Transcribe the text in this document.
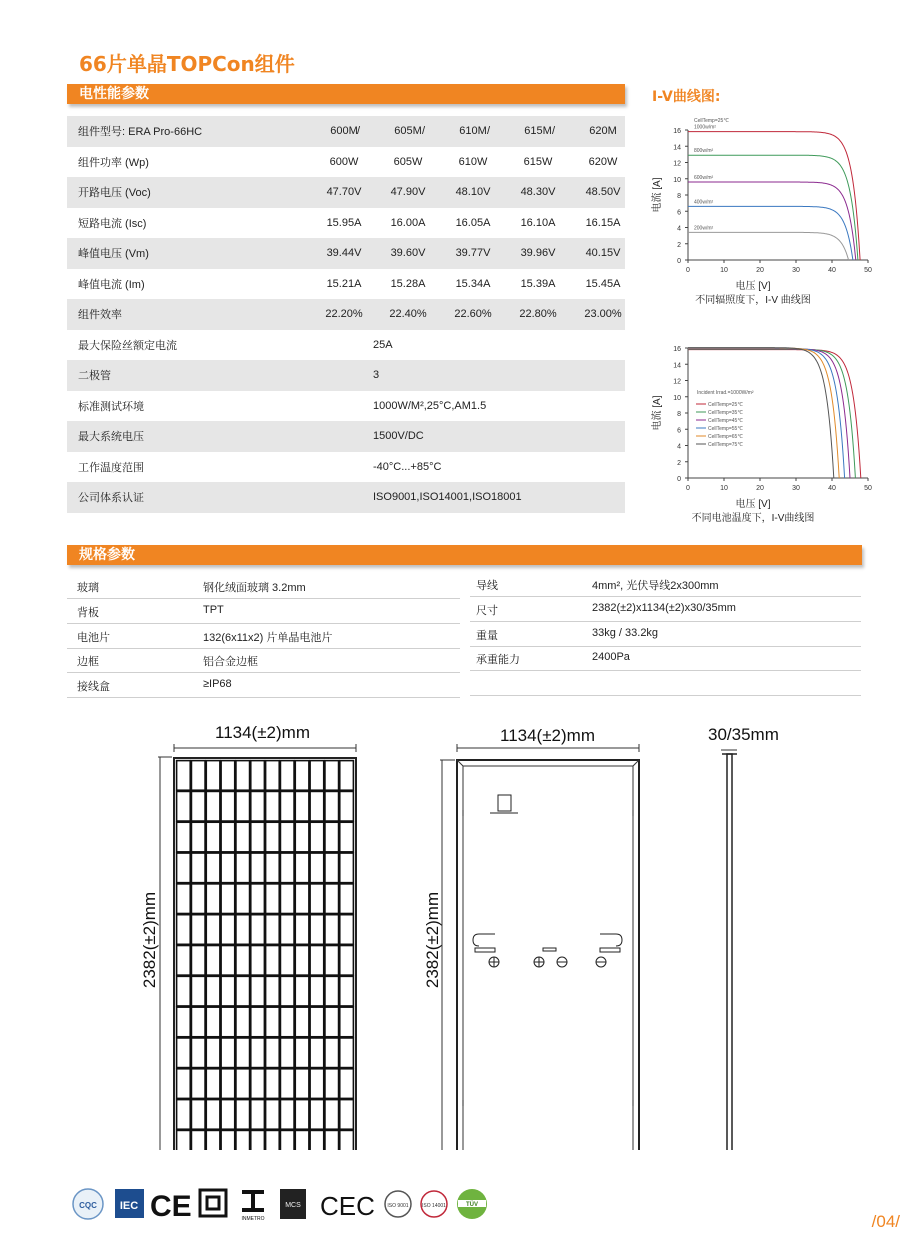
66片单晶TOPCon组件
电性能参数
组件型号: ERA Pro-66HC	600M	605M	610M	615M	620M
/	/	/	/
组件功率 (Wp)	600W	605W	610W	615W	620W
开路电压 (Voc)	47.70V	47.90V	48.10V	48.30V	48.50V
短路电流 (Isc)	15.95A	16.00A	16.05A	16.10A	16.15A
峰值电压 (Vm)	39.44V	39.60V	39.77V	39.96V	40.15V
峰值电流 (Im)	15.21A	15.28A	15.34A	15.39A	15.45A
组件效率	22.20%	22.40%	22.60%	22.80%	23.00%
最大保险丝额定电流	25A
二极管	3
标准测试环境	1000W/M²,25°C,AM1.5
最大系统电压	1500V/DC
工作温度范围	-40°C...+85°C
公司体系认证	ISO9001,ISO14001,ISO18001
I-V曲线图:
0
2
4
6
8
10
12
14
16
0	10	20	30	40	50
电流 [A]
电压 [V]
不同辐照度下，I-V 曲线图
CellTemp=25℃
1000w/m²
800w/m²
600w/m²
400w/m²
200w/m²
0
2
4
6
8
10
12
14
16
0	10	20	30	40	50
电流 [A]
电压 [V]
不同电池温度下，I-V曲线图
Incident Irrad.=1000W/m²
CellTemp=25℃
CellTemp=35℃
CellTemp=45℃
CellTemp=55℃
CellTemp=65℃
CellTemp=75℃
规格参数
玻璃	钢化绒面玻璃 3.2mm
背板	TPT
电池片	132(6x11x2) 片单晶电池片
边框	铝合金边框
接线盒	≥IP68
导线	4mm², 光伏导线2x300mm
尺寸	2382(±2)x1134(±2)x30/35mm
重量	33kg / 33.2kg
承重能力	2400Pa
1134(±2)mm	1134(±2)mm	30/35mm
2382(±2)mm	2382(±2)mm
CQC IEC CE	INMETRO
MCS CEC	ISO 9001	ISO 14001	TÜV
/04/
